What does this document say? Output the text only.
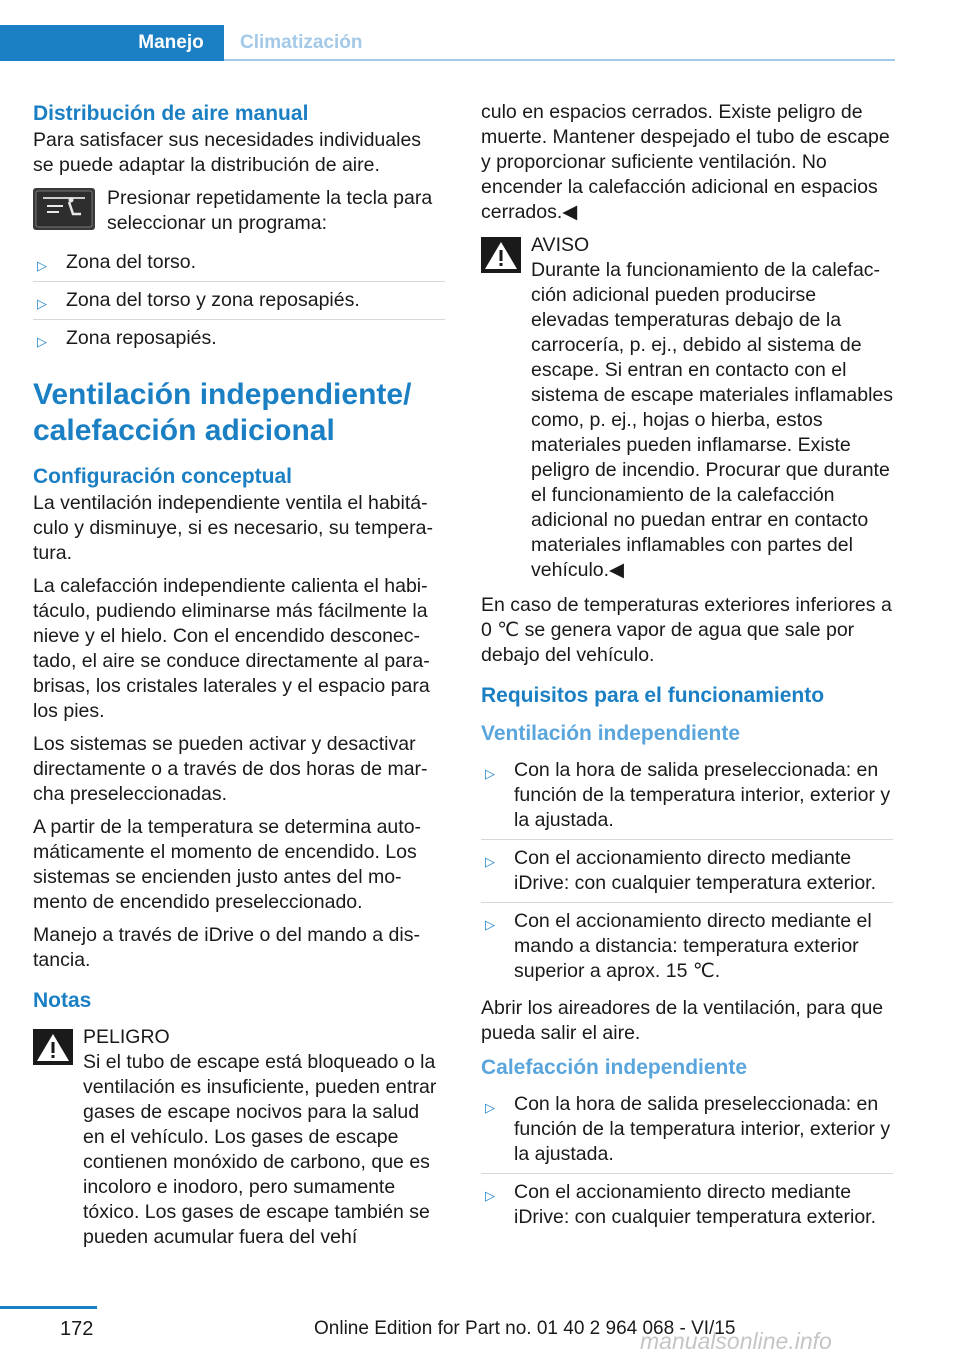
Manejo	Climatización
Distribución de aire manual

Para satisfacer sus necesidades individuales se puede adaptar la distribución de aire.

Presionar repetidamente la tecla para seleccionar un programa:
▷ Zona del torso.
▷ Zona del torso y zona reposapiés.
▷ Zona reposapiés.
Ventilación independiente/ calefacción adicional
Configuración conceptual

La ventilación independiente ventila el habitáculo y disminuye, si es necesario, su temperatura.

La calefacción independiente calienta el habitáculo, pudiendo eliminarse más fácilmente la nieve y el hielo. Con el encendido desconectado, el aire se conduce directamente al parabrisas, los cristales laterales y el espacio para los pies.

Los sistemas se pueden activar y desactivar directamente o a través de dos horas de marcha preseleccionadas.

A partir de la temperatura se determina automáticamente el momento de encendido. Los sistemas se encienden justo antes del momento de encendido preseleccionado.

Manejo a través de iDrive o del mando a distancia.

Notas
PELIGRO
Si el tubo de escape está bloqueado o la ventilación es insuficiente, pueden entrar gases de escape nocivos para la salud en el vehículo. Los gases de escape contienen monóxido de carbono, que es incoloro e inodoro, pero sumamente tóxico. Los gases de escape también se pueden acumular fuera del vehí

culo en espacios cerrados. Existe peligro de muerte. Mantener despejado el tubo de escape y proporcionar suficiente ventilación. No encender la calefacción adicional en espacios cerrados.◀

AVISO
Durante la funcionamiento de la calefacción adicional pueden producirse elevadas temperaturas debajo de la carrocería, p. ej., debido al sistema de escape. Si entran en contacto con el sistema de escape materiales inflamables como, p. ej., hojas o hierba, estos materiales pueden inflamarse. Existe peligro de incendio. Procurar que durante el funcionamiento de la calefacción adicional no puedan entrar en contacto materiales inflamables con partes del vehículo.◀

En caso de temperaturas exteriores inferiores a 0 ℃ se genera vapor de agua que sale por debajo del vehículo.

Requisitos para el funcionamiento
Ventilación independiente
▷ Con la hora de salida preseleccionada: en función de la temperatura interior, exterior y la ajustada.
▷ Con el accionamiento directo mediante iDrive: con cualquier temperatura exterior.
▷ Con el accionamiento directo mediante el mando a distancia: temperatura exterior superior a aprox. 15 ℃.

Abrir los aireadores de la ventilación, para que pueda salir el aire.

Calefacción independiente
▷ Con la hora de salida preseleccionada: en función de la temperatura interior, exterior y la ajustada.
▷ Con el accionamiento directo mediante iDrive: con cualquier temperatura exterior.
172	Online Edition for Part no. 01 40 2 964 068 - VI/15
manualsonline.info
